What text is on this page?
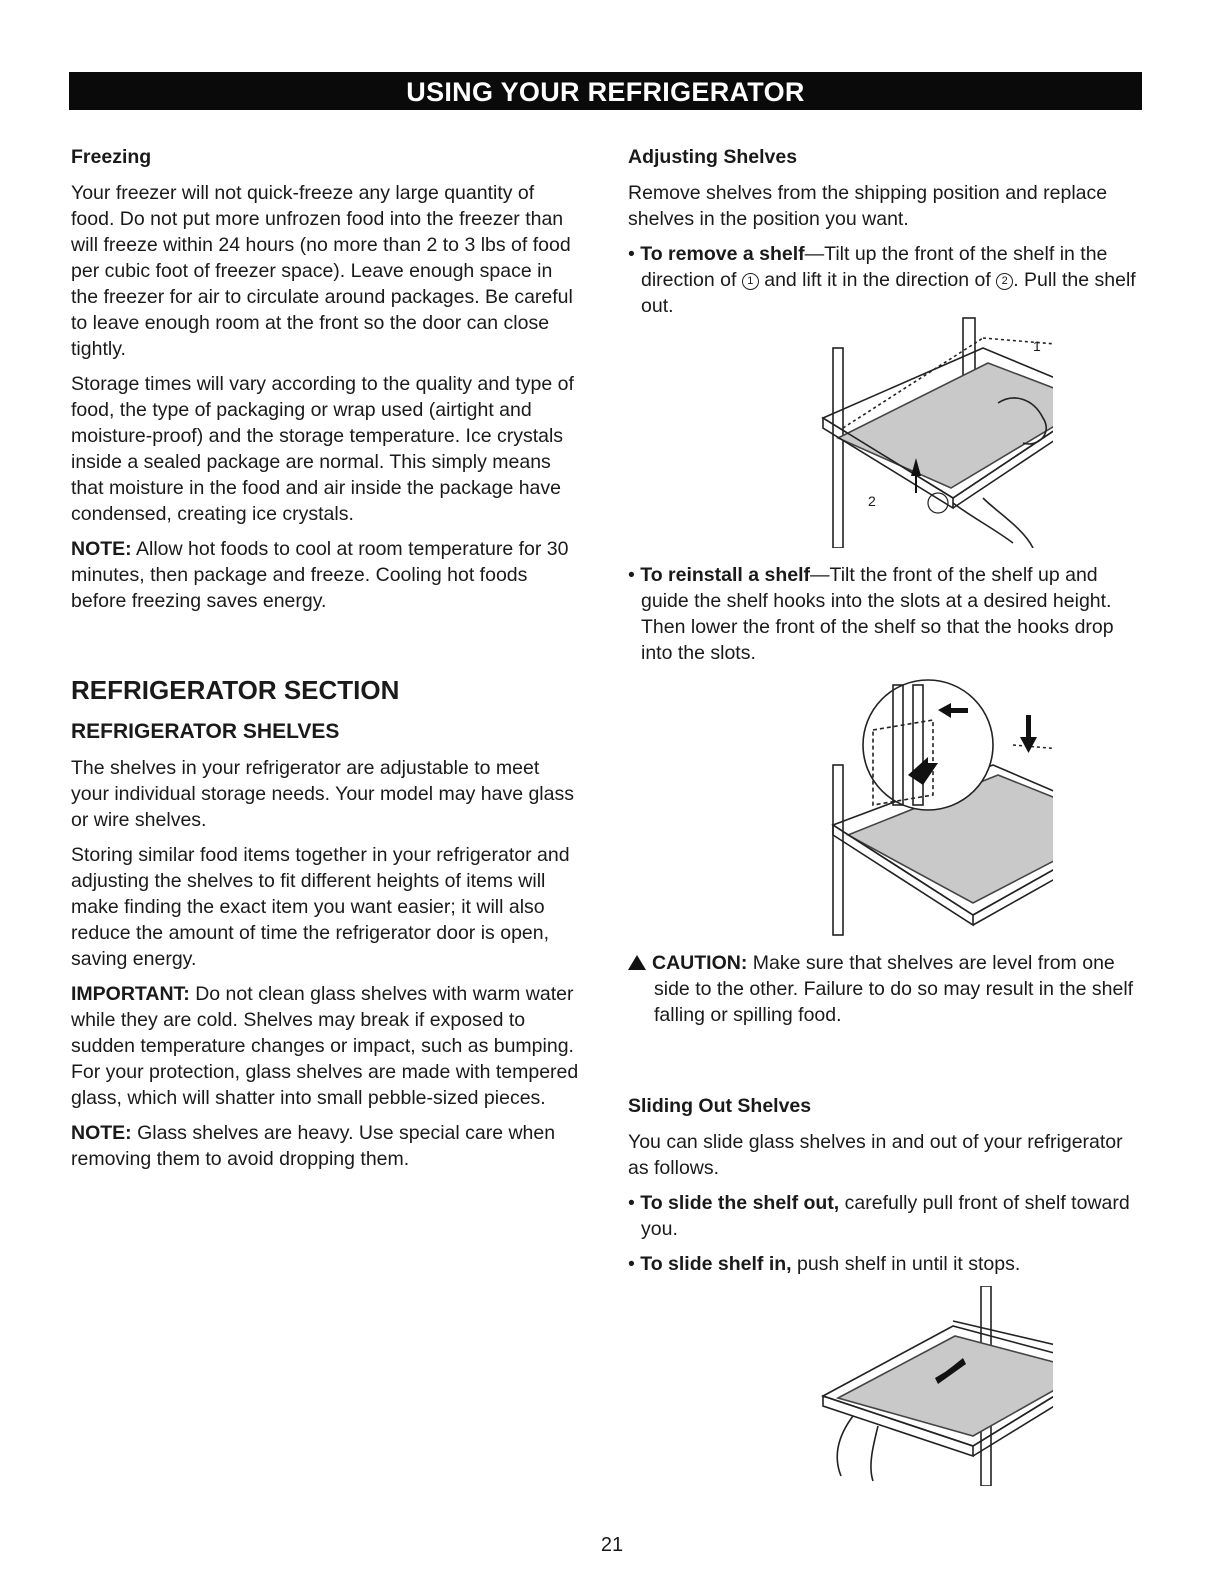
USING YOUR REFRIGERATOR
Freezing

Your freezer will not quick-freeze any large quantity of food. Do not put more unfrozen food into the freezer than will freeze within 24 hours (no more than 2 to 3 lbs of food per cubic foot of freezer space). Leave enough space in the freezer for air to circulate around packages. Be careful to leave enough room at the front so the door can close tightly.

Storage times will vary according to the quality and type of food, the type of packaging or wrap used (airtight and moisture-proof) and the storage temperature. Ice crystals inside a sealed package are normal. This simply means that moisture in the food and air inside the package have condensed, creating ice crystals.

NOTE: Allow hot foods to cool at room temperature for 30 minutes, then package and freeze. Cooling hot foods before freezing saves energy.

REFRIGERATOR SECTION
REFRIGERATOR SHELVES

The shelves in your refrigerator are adjustable to meet your individual storage needs. Your model may have glass or wire shelves.

Storing similar food items together in your refrigerator and adjusting the shelves to fit different heights of items will make finding the exact item you want easier; it will also reduce the amount of time the refrigerator door is open, saving energy.

IMPORTANT: Do not clean glass shelves with warm water while they are cold. Shelves may break if exposed to sudden temperature changes or impact, such as bumping. For your protection, glass shelves are made with tempered glass, which will shatter into small pebble-sized pieces.

NOTE: Glass shelves are heavy. Use special care when removing them to avoid dropping them.

Adjusting Shelves

Remove shelves from the shipping position and replace shelves in the position you want.

• To remove a shelf—Tilt up the front of the shelf in the direction of 1 and lift it in the direction of 2 . Pull the shelf out.

1
2

• To reinstall a shelf—Tilt the front of the shelf up and guide the shelf hooks into the slots at a desired height. Then lower the front of the shelf so that the hooks drop into the slots.

CAUTION: Make sure that shelves are level from one side to the other. Failure to do so may result in the shelf falling or spilling food.

Sliding Out Shelves

You can slide glass shelves in and out of your refrigerator as follows.

• To slide the shelf out, carefully pull front of shelf toward you.

• To slide shelf in, push shelf in until it stops.

21
